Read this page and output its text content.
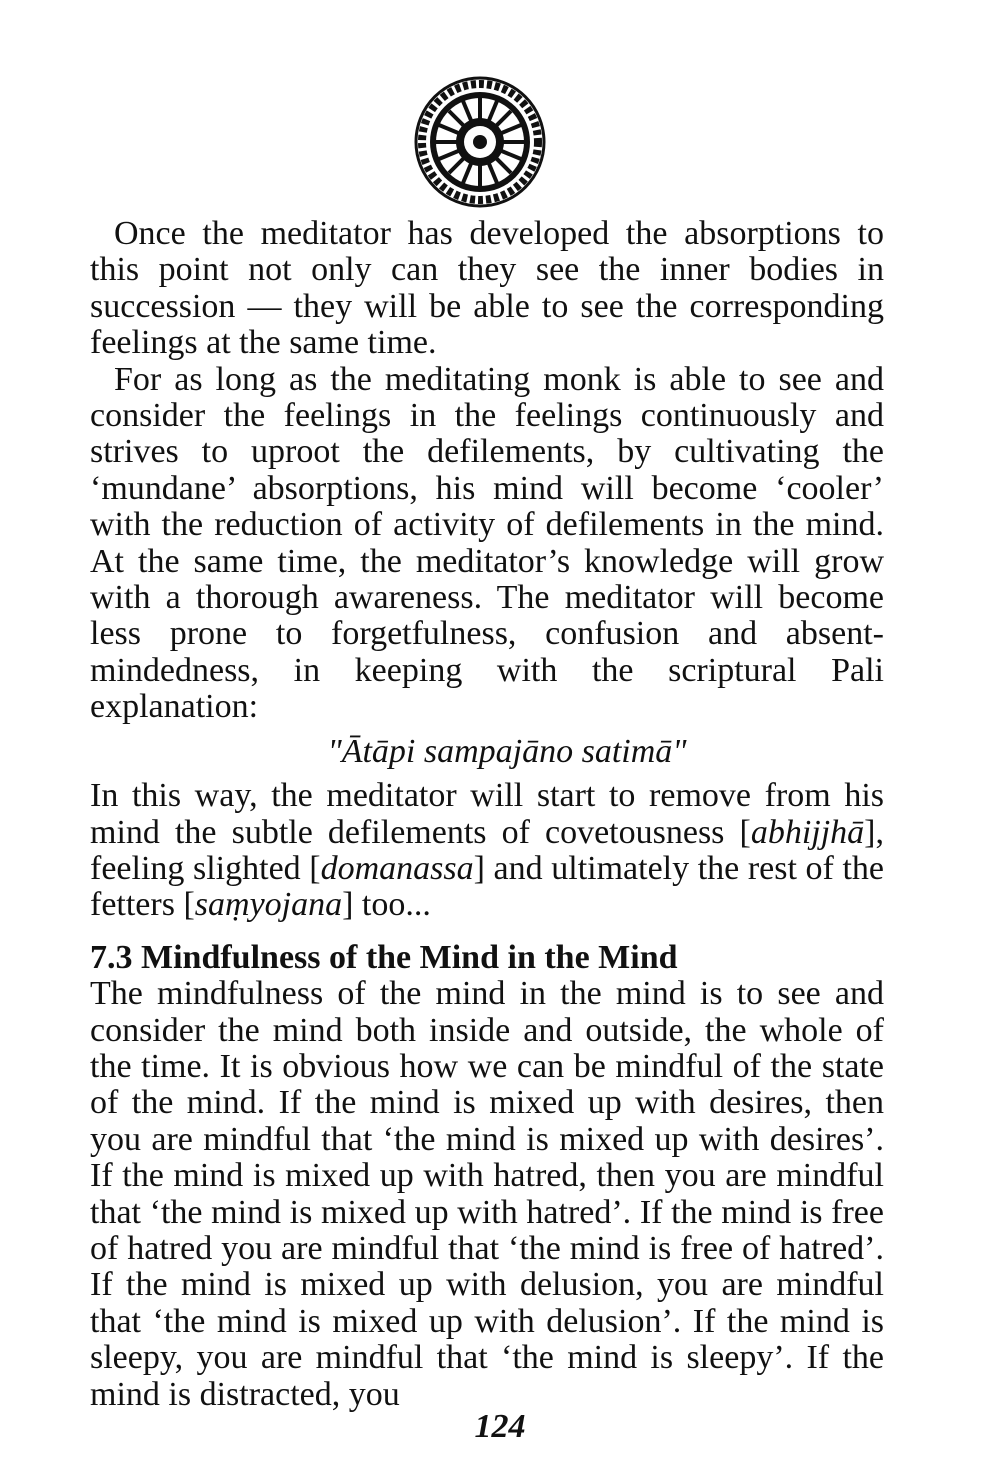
Once the meditator has developed the absorptions to this point not only can they see the inner bodies in succession — they will be able to see the corresponding feelings at the same time.

For as long as the meditating monk is able to see and consider the feelings in the feelings continuously and strives to uproot the defilements, by cultivating the ‘mundane’ absorptions, his mind will become ‘cooler’ with the reduction of activity of defilements in the mind. At the same time, the meditator’s knowledge will grow with a thorough awareness. The meditator will become less prone to forgetfulness, confusion and absent-mindedness, in keeping with the scriptural Pali explanation:

"Ātāpi sampajāno satimā"

In this way, the meditator will start to remove from his mind the subtle defilements of covetousness [abhijjhā], feeling slighted [domanassa] and ultimately the rest of the fetters [saṃyojana] too...

7.3 Mindfulness of the Mind in the Mind

The mindfulness of the mind in the mind is to see and consider the mind both inside and outside, the whole of the time. It is obvious how we can be mindful of the state of the mind. If the mind is mixed up with desires, then you are mindful that ‘the mind is mixed up with desires’. If the mind is mixed up with hatred, then you are mindful that ‘the mind is mixed up with hatred’. If the mind is free of hatred you are mindful that ‘the mind is free of hatred’. If the mind is mixed up with delusion, you are mindful that ‘the mind is mixed up with delusion’. If the mind is sleepy, you are mindful that ‘the mind is sleepy’. If the mind is distracted, you

124
